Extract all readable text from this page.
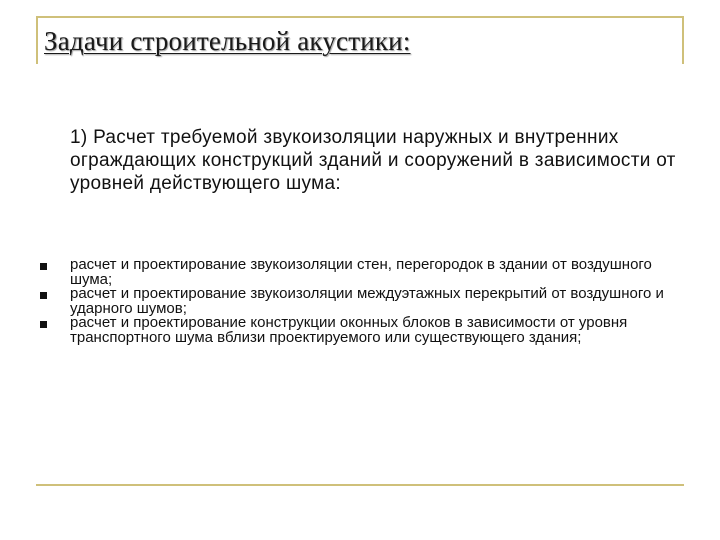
Задачи строительной акустики:

1) Расчет требуемой звукоизоляции наружных и внутренних ограждающих конструкций зданий и сооружений в зависимости от уровней действующего шума:

расчет и проектирование звукоизоляции стен, перегородок в здании от воздушного шума;
расчет и проектирование звукоизоляции междуэтажных перекрытий от воздушного и ударного шумов;
расчет и проектирование конструкции оконных блоков в зависимости от уровня транспортного шума вблизи проектируемого или существующего здания;
